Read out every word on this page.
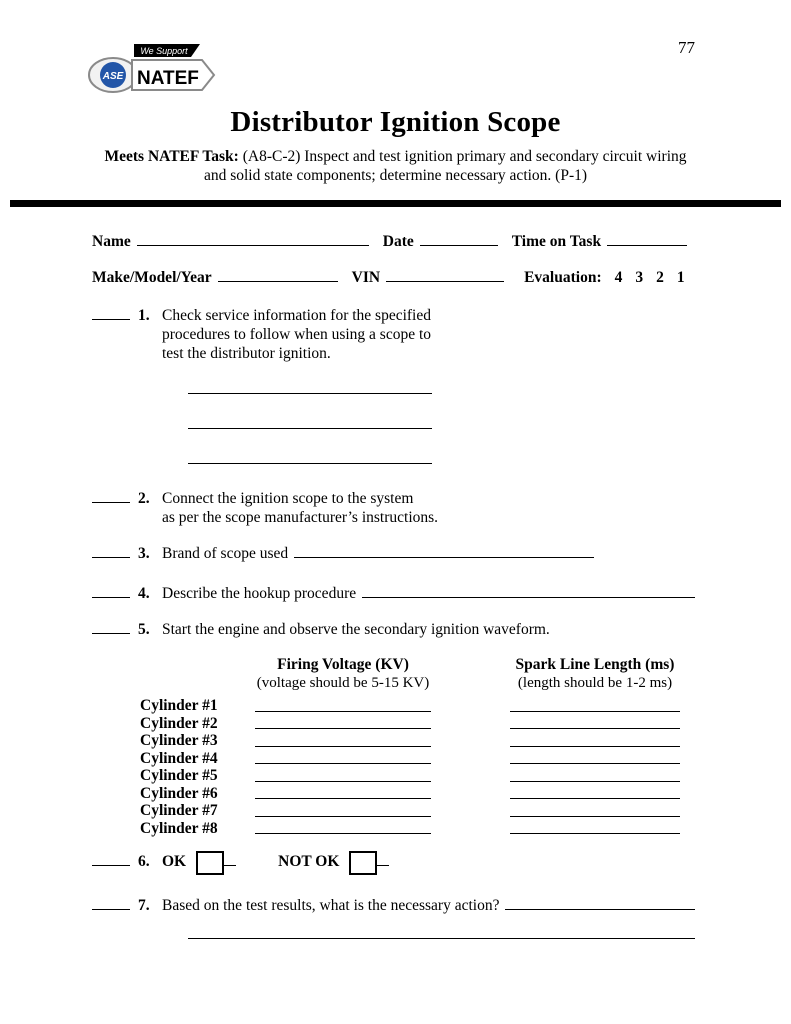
77
ASE
We Support
NATEF
Distributor Ignition Scope
Meets NATEF Task: (A8-C-2) Inspect and test ignition primary and secondary circuit wiring
and solid state components; determine necessary action. (P-1)
Name	Date	Time on Task
Make/Model/Year	VIN	Evaluation: 4 3 2 1
1. Check service information for the specified
procedures to follow when using a scope to
test the distributor ignition.
2. Connect the ignition scope to the system
as per the scope manufacturer’s instructions.
3. Brand of scope used
4. Describe the hookup procedure
5. Start the engine and observe the secondary ignition waveform.
Firing Voltage (KV)	Spark Line Length (ms)
(voltage should be 5-15 KV)	(length should be 1-2 ms)
Cylinder #1
Cylinder #2
Cylinder #3
Cylinder #4
Cylinder #5
Cylinder #6
Cylinder #7
Cylinder #8
6. OK	NOT OK
7. Based on the test results, what is the necessary action?
